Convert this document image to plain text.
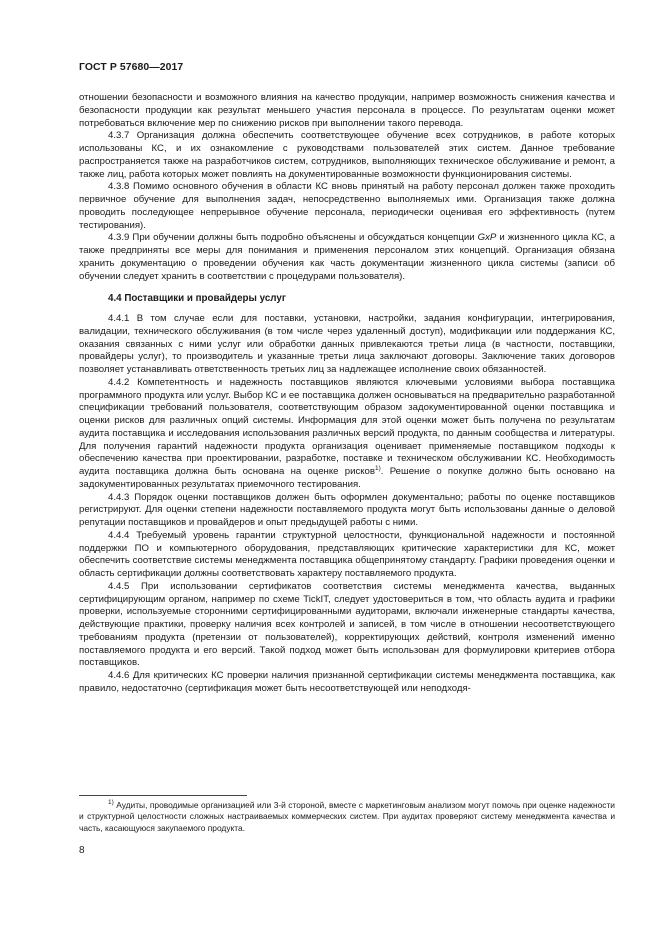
ГОСТ Р 57680—2017

отношении безопасности и возможного влияния на качество продукции, например возможность снижения качества и безопасности продукции как результат меньшего участия персонала в процессе. По результатам оценки может потребоваться включение мер по снижению рисков при выполнении такого перевода.

4.3.7 Организация должна обеспечить соответствующее обучение всех сотрудников, в работе которых использованы КС, и их ознакомление с руководствами пользователей этих систем. Данное требование распространяется также на разработчиков систем, сотрудников, выполняющих техническое обслуживание и ремонт, а также лиц, работа которых может повлиять на документированные возможности функционирования системы.

4.3.8 Помимо основного обучения в области КС вновь принятый на работу персонал должен также проходить первичное обучение для выполнения задач, непосредственно выполняемых ими. Организация также должна проводить последующее непрерывное обучение персонала, периодически оценивая его эффективность (путем тестирования).

4.3.9 При обучении должны быть подробно объяснены и обсуждаться концепции GxP и жизненного цикла КС, а также предприняты все меры для понимания и применения персоналом этих концепций. Организация обязана хранить документацию о проведении обучения как часть документации жизненного цикла системы (записи об обучении следует хранить в соответствии с процедурами пользователя).

4.4 Поставщики и провайдеры услуг

4.4.1 В том случае если для поставки, установки, настройки, задания конфигурации, интегрирования, валидации, технического обслуживания (в том числе через удаленный доступ), модификации или поддержания КС, оказания связанных с ними услуг или обработки данных привлекаются третьи лица (в частности, поставщики, провайдеры услуг), то производитель и указанные третьи лица заключают договоры. Заключение таких договоров позволяет устанавливать ответственность третьих лиц за надлежащее исполнение своих обязанностей.

4.4.2 Компетентность и надежность поставщиков являются ключевыми условиями выбора поставщика программного продукта или услуг. Выбор КС и ее поставщика должен основываться на предварительно разработанной спецификации требований пользователя, соответствующим образом задокументированной оценки поставщика и оценки рисков для различных опций системы. Информация для этой оценки может быть получена по результатам аудита поставщика и исследования использования различных версий продукта, по данным сообщества и литературы. Для получения гарантий надежности продукта организация оценивает применяемые поставщиком подходы к обеспечению качества при проектировании, разработке, поставке и техническом обслуживании КС. Необходимость аудита поставщика должна быть основана на оценке рисков$^{1)}$. Решение о покупке должно быть основано на задокументированных результатах приемочного тестирования.

4.4.3 Порядок оценки поставщиков должен быть оформлен документально; работы по оценке поставщиков регистрируют. Для оценки степени надежности поставляемого продукта могут быть использованы данные о деловой репутации поставщиков и провайдеров и опыт предыдущей работы с ними.

4.4.4 Требуемый уровень гарантии структурной целостности, функциональной надежности и постоянной поддержки ПО и компьютерного оборудования, представляющих критические характеристики для КС, может обеспечить соответствие системы менеджмента поставщика общепринятому стандарту. Графики проведения оценки и область сертификации должны соответствовать характеру поставляемого продукта.

4.4.5 При использовании сертификатов соответствия системы менеджмента качества, выданных сертифицирующим органом, например по схеме TickIT, следует удостовериться в том, что область аудита и графики проверки, используемые сторонними сертифицированными аудиторами, включали инженерные стандарты качества, действующие практики, проверку наличия всех контролей и записей, в том числе в отношении несоответствующего требованиям продукта (претензии от пользователей), корректирующих действий, контроля изменений именно поставляемого продукта и его версий. Такой подход может быть использован для формулировки критериев отбора поставщиков.

4.4.6 Для критических КС проверки наличия признанной сертификации системы менеджмента поставщика, как правило, недостаточно (сертификация может быть несоответствующей или неподходя-

$^{1)}$ Аудиты, проводимые организацией или 3-й стороной, вместе с маркетинговым анализом могут помочь при оценке надежности и структурной целостности сложных настраиваемых коммерческих систем. При аудитах проверяют систему менеджмента качества и часть, касающуюся закупаемого продукта.

8
